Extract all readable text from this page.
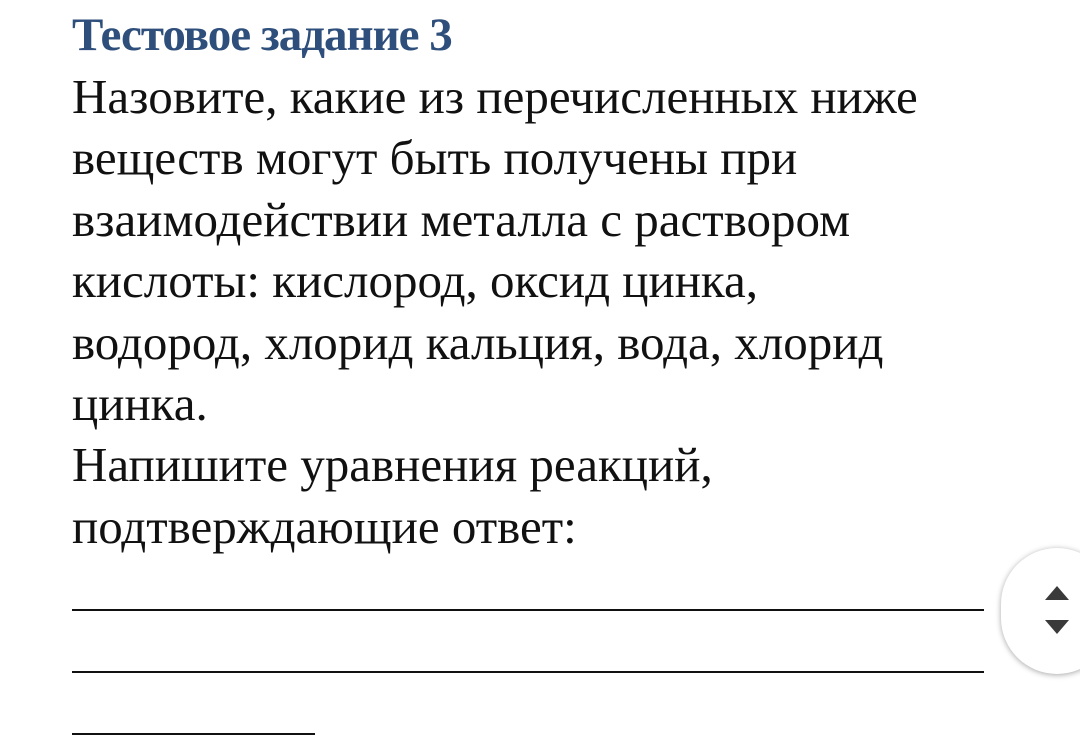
Тестовое задание 3
Назовите, какие из перечисленных ниже
веществ могут быть получены при
взаимодействии металла с раствором
кислоты: кислород, оксид цинка,
водород, хлорид кальция, вода, хлорид
цинка.
Напишите уравнения реакций,
подтверждающие ответ:
